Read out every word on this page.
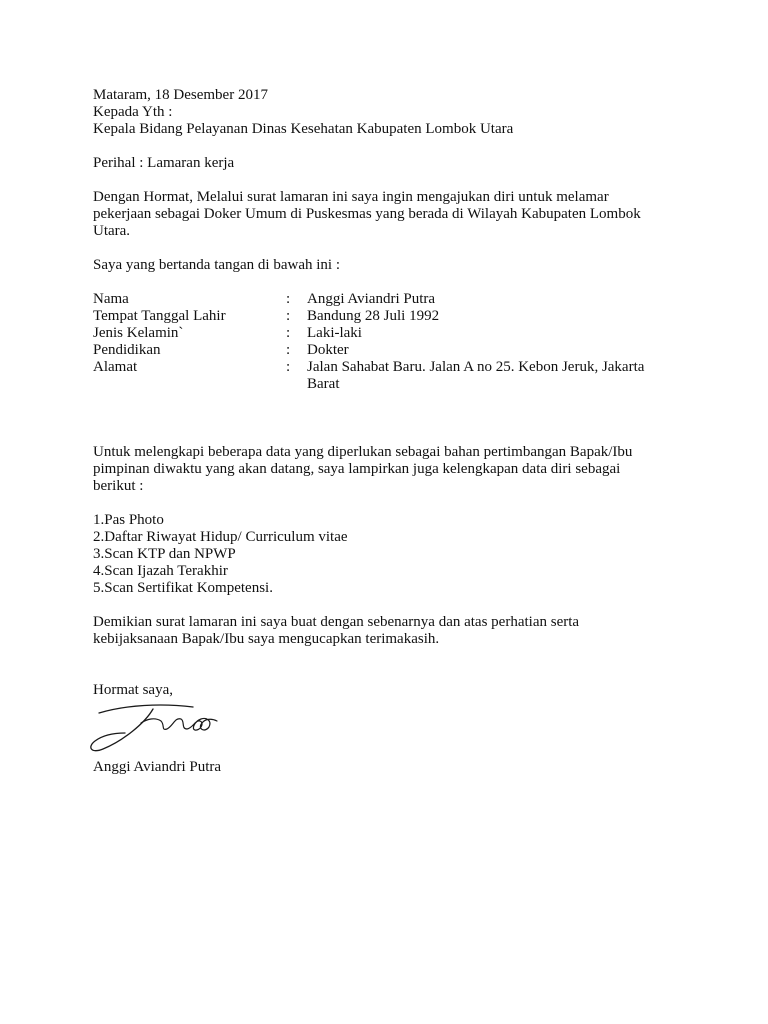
Mataram, 18 Desember 2017
Kepada Yth :
Kepala Bidang Pelayanan Dinas Kesehatan Kabupaten Lombok Utara
Perihal : Lamaran kerja
Dengan Hormat, Melalui surat lamaran ini saya ingin mengajukan diri untuk melamar
pekerjaan sebagai Doker Umum di Puskesmas yang berada di Wilayah Kabupaten Lombok
Utara.
Saya yang bertanda tangan di bawah ini :
Nama	:	Anggi Aviandri Putra
Tempat Tanggal Lahir	:	Bandung 28 Juli 1992
Jenis Kelamin`	:	Laki-laki
Pendidikan	:	Dokter
Alamat	:	Jalan Sahabat Baru. Jalan A no 25. Kebon Jeruk, Jakarta
Barat
Untuk melengkapi beberapa data yang diperlukan sebagai bahan pertimbangan Bapak/Ibu
pimpinan diwaktu yang akan datang, saya lampirkan juga kelengkapan data diri sebagai
berikut :
1.Pas Photo
2.Daftar Riwayat Hidup/ Curriculum vitae
3.Scan KTP dan NPWP
4.Scan Ijazah Terakhir
5.Scan Sertifikat Kompetensi.
Demikian surat lamaran ini saya buat dengan sebenarnya dan atas perhatian serta
kebijaksanaan Bapak/Ibu saya mengucapkan terimakasih.
Hormat saya,
Anggi Aviandri Putra
